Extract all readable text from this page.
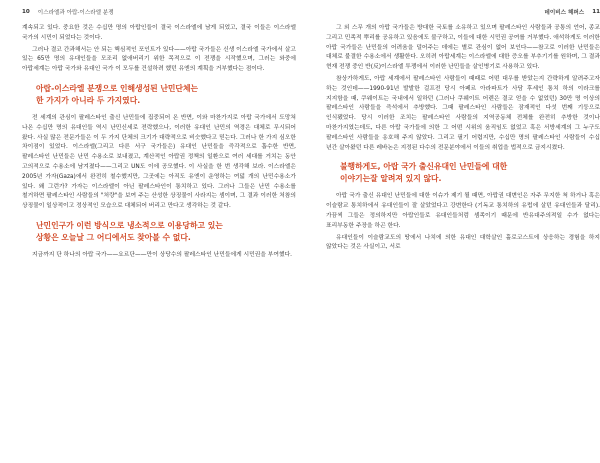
10 이스라엘과 아랍-이스라엘 분쟁

계속되고 있다. 중요한 것은 수십만 명의 아랍인들이 결국 이스라엘에 남게 되었고, 결국 이들은 이스라엘 국가의 시민이 되었다는 것이다.

그러나 결코 간과해서는 안 되는 핵심적인 포인트가 있다——아랍 국가들은 신생 이스라엘 국가에서 살고 있는 65만 명의 유대인들을 모조리 없애버리기 위한 목적으로 이 전쟁을 시작했으며, 그러는 와중에 아랍세계는 아랍 국가와 유대인 국가 이 모두를 건설하려 했던 유엔의 계획을 거부했다는 점이다.

아랍-이스라엘 분쟁으로 인해생성된 난민단체는
한 가지가 아니라 두 가지였다.

전 세계의 관심이 팔레스타인 출신 난민들에 집중되어 온 반면, 이와 마찬가지로 아랍 국가에서 도망쳐 나온 수십만 명의 유대인들 역시 난민신세로 전락했으나, 이러한 유대인 난민의 역경은 대체로 무시되어 왔다. 사실 많은 전문가들은 이 두 가지 단체의 크기가 대략적으로 비슷했다고 믿는다. 그러나 한 가지 심오한 차이점이 있었다. 이스라엘(그리고 다른 서구 국가들은) 유대인 난민들을 즉각적으로 흡수한 반면, 팔레스타인 난민들은 난민 수용소로 보내졌고, 계산적인 아랍권 정책의 일환으로 여러 세대를 거치는 동안 고의적으로 수용소에 남겨졌다——그리고 UN도 이에 공모했다. 이 사실을 한 번 생각해 보라. 이스라엘은 2005년 가자(Gaza)에서 완전히 철수했지만, 그곳에는 아직도 유엔이 운영하는 여덟 개의 난민수용소가 있다. 왜 그런가? 가자는 이스라엘이 아닌 팔레스타인이 통치하고 있다. 그러나 그들은 난민 수용소를 철거하면 팔레스타인 사람들의 "처량"을 보여 주는 산성한 상징물이 사라지는 셈이며, 그 결과 이러한 처참의 상징물이 일상적이고 정상적인 모습으로 대체되어 버리고 만다고 생각하는 것 같다.

난민인구가 이런 방식으로 냉소적으로 이용당하고 있는
상황은 오늘날 그 어디에서도 찾아볼 수 없다.

지금까지 단 하나의 아랍 국가——요르단——만이 상당수의 팔레스타인 난민들에게 시민권을 부여했다.

데이비스 헤퍼스 11

그 외 스무 개의 아랍 국가들은 방대한 국토를 소유하고 있으며 팔레스타인 사람들과 공통의 언어, 종교 그리고 민족적 뿌리를 공유하고 있음에도 불구하고, 이들에 대한 시민권 공여를 거부했다. 애석하게도 이러한 아랍 국가들은 난민들의 어려움을 덜어주는 데에는 별로 관심이 없어 보인다——참고로 이러한 난민들은 대체로 불결한 수용소에서 생활한다. 오히려 아랍세계는 이스라엘에 대한 증오를 부추기기를 원하며, 그 결과 현재 전쟁 중인 반(反)이스라엘 투쟁에서 이러한 난민들을 살인병기로 사용하고 있다.

참상가하게도, 아랍 세계에서 팔레스타인 사람들이 때때로 어떤 대우를 받았는지 간략하게 알려주고자 하는 것인데——1990-91년 발발한 걸프전 당시 아페르 아라파트가 사담 후세인 통치 하의 이라크를 지지함을 때, 쿠웨이트는 국내에서 일하던 (그러나 쿠웨이트 어렌은 결코 얻을 수 없었던) 30만 명 이상의 팔레스타인 사람들을 즉석에서 추방했다. 그때 팔레스타인 사람들은 잠재적인 다섯 번째 기둥으로 인식됐었다. 당시 이러한 조치는 팔레스타인 사람들의 지역공동체 전체를 완전히 추방한 것이나 마찬가지였는데도, 다른 아랍 국가들에 의한 그 어떤 시위의 움직임도 없었고 혹은 서방세계의 그 누구도 팔레스타인 사람들을 옹호해 주지 않았다. 그리고 필기 어렵지만, 수십만 명의 팔레스타인 사람들이 수십 년간 살아왔던 다른 레바논은 지정된 다수의 전문분야에서 이들의 취업을 법적으로 금지시켰다.

불행하게도, 아랍 국가 출신유대인 난민들에 대한
이야기는잘 알려져 있지 않다.

아랍 국가 출신 유대인 난민들에 대한 이슈가 제기 될 때면, 아랍권 대변인은 자주 무지한 척 하거나 혹은 이슬람교 통치하에서 유대인들이 잘 살았었다고 강변한다 (기독교 통치하의 유럽에 살던 유대인들과 달리). 가끔씩 그들은 정의하지만 아랍인들로 유대인들처럼 셈족이기 때문에 반유대주의적일 수가 없다는 표리부동한 주장을 하곤 한다.

유대인들이 이슬람교도의 땅에서 나치에 의한 유대인 대학살인 홀로코스트에 상응하는 경험을 하지 않았다는 것은 사실이고, 서로
